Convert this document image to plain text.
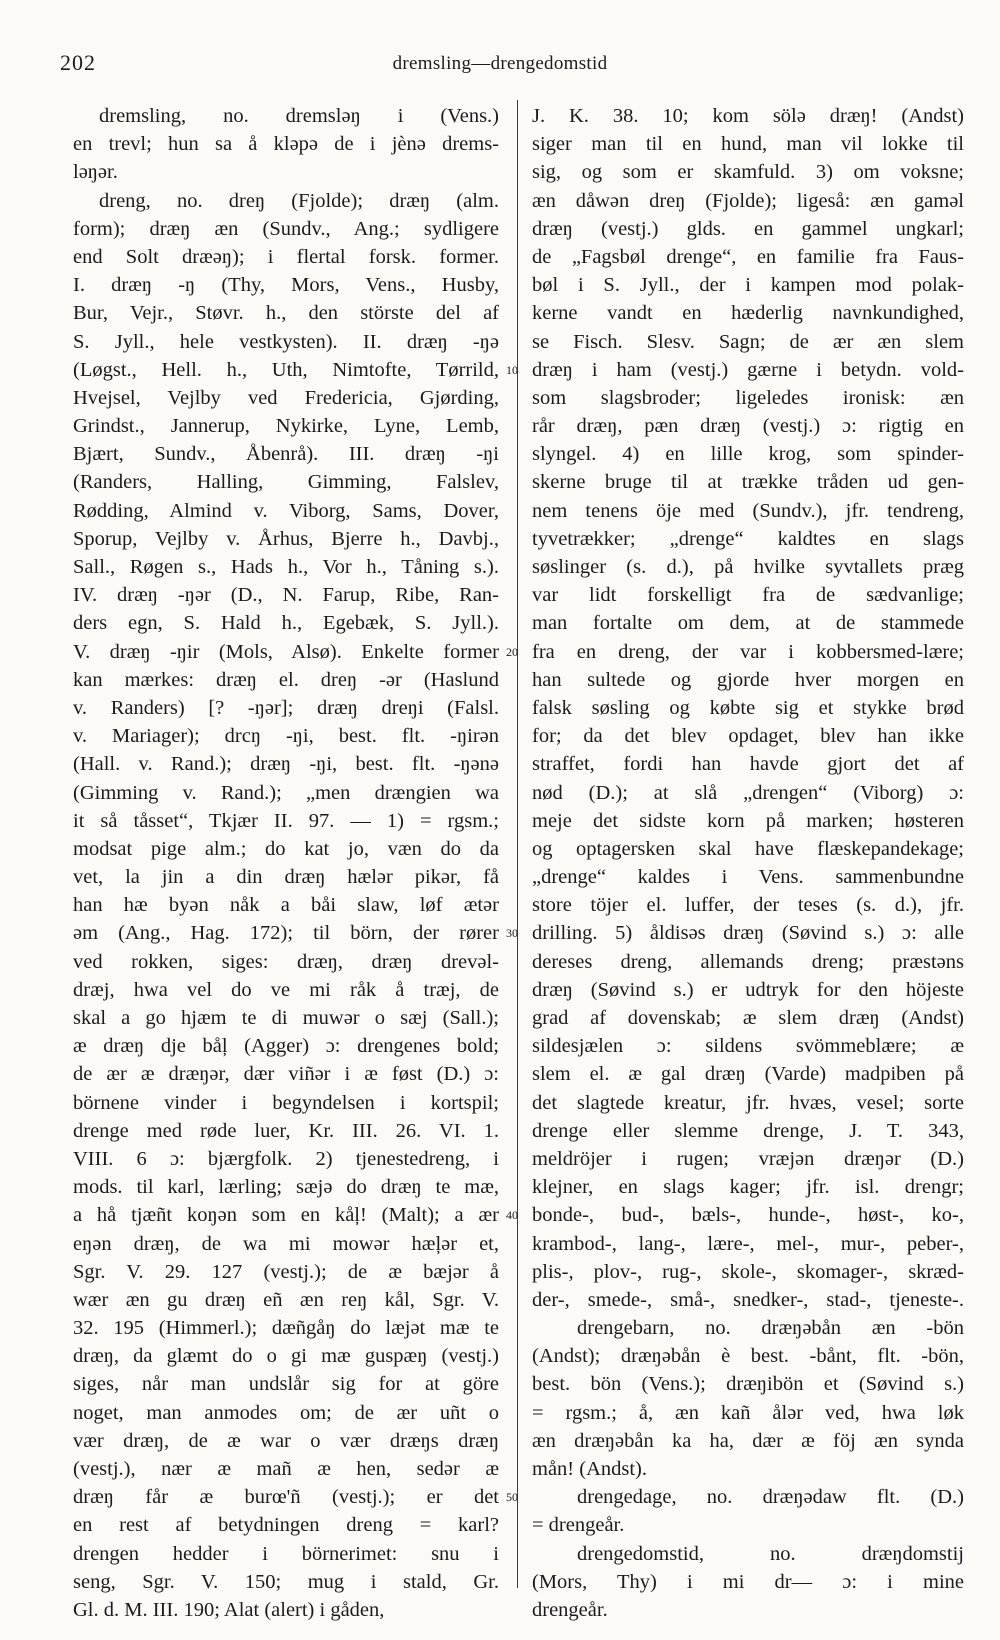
202	dremsling—drengedomstid
dremsling, no. dremsləŋ i (Vens.)
en trevl; hun sa å kləpə de i jènə drems-
ləŋər.
dreng, no. dreŋ (Fjolde); dræŋ (alm.
form); dræŋ æn (Sundv., Ang.; sydligere
end Solt dræəŋ); i flertal forsk. former.
I. dræŋ -ŋ (Thy, Mors, Vens., Husby,
Bur, Vejr., Støvr. h., den störste del af
S. Jyll., hele vestkysten). II. dræŋ -ŋə
(Løgst., Hell. h., Uth, Nimtofte, Tørrild,
Hvejsel, Vejlby ved Fredericia, Gjørding,
Grindst., Jannerup, Nykirke, Lyne, Lemb,
Bjært, Sundv., Åbenrå). III. dræŋ -ŋi
(Randers, Halling, Gimming, Falslev,
Rødding, Almind v. Viborg, Sams, Dover,
Sporup, Vejlby v. Århus, Bjerre h., Davbj.,
Sall., Røgen s., Hads h., Vor h., Tåning s.).
IV. dræŋ -ŋər (D., N. Farup, Ribe, Ran-
ders egn, S. Hald h., Egebæk, S. Jyll.).
V. dræŋ -ŋir (Mols, Alsø). Enkelte former
kan mærkes: dræŋ el. dreŋ -ər (Haslund
v. Randers) [? -ŋər]; dræŋ dreŋi (Falsl.
v. Mariager); drcŋ -ŋi, best. flt. -ŋirən
(Hall. v. Rand.); dræŋ -ŋi, best. flt. -ŋənə
(Gimming v. Rand.); „men drængien wa
it så tåsset“, Tkjær II. 97. — 1) = rgsm.;
modsat pige alm.; do kat jo, væn do da
vet, la jin a din dræŋ hælər pikər, få
han hæ byən nåk a båi slaw, løf ætər
əm (Ang., Hag. 172); til börn, der rører
ved rokken, siges: dræŋ, dræŋ drevəl-
dræj, hwa vel do ve mi råk å træj, de
skal a go hjæm te di muwər o sæj (Sall.);
æ dræŋ dje båļ (Agger) ɔ: drengenes bold;
de ær æ dræŋər, dær viñər i æ føst (D.) ɔ:
börnene vinder i begyndelsen i kortspil;
drenge med røde luer, Kr. III. 26. VI. 1.
VIII. 6 ɔ: bjærgfolk. 2) tjenestedreng, i
mods. til karl, lærling; sæjə do dræŋ te mæ,
a hå tjæñt koŋən som en kåļ! (Malt); a ær
eŋən dræŋ, de wa mi mowər hæļər et,
Sgr. V. 29. 127 (vestj.); de æ bæjər å
wær æn gu dræŋ eñ æn reŋ kål, Sgr. V.
32. 195 (Himmerl.); dæñgåŋ do læjət mæ te
dræŋ, da glæmt do o gi mæ guspæŋ (vestj.)
siges, når man undslår sig for at göre
noget, man anmodes om; de ær uñt o
vær dræŋ, de æ war o vær dræŋs dræŋ
(vestj.), nær æ mañ æ hen, sedər æ
dræŋ får æ burœ'ñ (vestj.); er det
en rest af betydningen dreng = karl?
drengen hedder i börnerimet: snu i
seng, Sgr. V. 150; mug i stald, Gr.
Gl. d. M. III. 190; Alat (alert) i gåden,
J. K. 38. 10; kom sölə dræŋ! (Andst)
siger man til en hund, man vil lokke til
sig, og som er skamfuld. 3) om voksne;
æn dåwən dreŋ (Fjolde); ligeså: æn gaməl
dræŋ (vestj.) glds. en gammel ungkarl;
de „Fagsbøl drenge“, en familie fra Faus-
bøl i S. Jyll., der i kampen mod polak-
kerne vandt en hæderlig navnkundighed,
se Fisch. Slesv. Sagn; de ær æn slem
dræŋ i ham (vestj.) gærne i betydn. vold-
10
som slagsbroder; ligeledes ironisk: æn
rår dræŋ, pæn dræŋ (vestj.) ɔ: rigtig en
slyngel. 4) en lille krog, som spinder-
skerne bruge til at trække tråden ud gen-
nem tenens öje med (Sundv.), jfr. tendreng,
tyvetrækker; „drenge“ kaldtes en slags
søslinger (s. d.), på hvilke syvtallets præg
var lidt forskelligt fra de sædvanlige;
man fortalte om dem, at de stammede
fra en dreng, der var i kobbersmed-lære;
20
han sultede og gjorde hver morgen en
falsk søsling og købte sig et stykke brød
for; da det blev opdaget, blev han ikke
straffet, fordi han havde gjort det af
nød (D.); at slå „drengen“ (Viborg) ɔ:
meje det sidste korn på marken; høsteren
og optagersken skal have flæskepandekage;
„drenge“ kaldes i Vens. sammenbundne
store töjer el. luffer, der teses (s. d.), jfr.
drilling. 5) åldisəs dræŋ (Søvind s.) ɔ: alle
30
dereses dreng, allemands dreng; præstəns
dræŋ (Søvind s.) er udtryk for den höjeste
grad af dovenskab; æ slem dræŋ (Andst)
sildesjælen ɔ: sildens svömmeblære; æ
slem el. æ gal dræŋ (Varde) madpiben på
det slagtede kreatur, jfr. hvæs, vesel; sorte
drenge eller slemme drenge, J. T. 343,
meldröjer i rugen; vræjən dræŋər (D.)
klejner, en slags kager; jfr. isl. drengr;
bonde-, bud-, bæls-, hunde-, høst-, ko-,
40
krambod-, lang-, lære-, mel-, mur-, peber-,
plis-, plov-, rug-, skole-, skomager-, skræd-
der-, smede-, små-, snedker-, stad-, tjeneste-.
drengebarn, no. dræŋəbån æn -bön
(Andst); dræŋəbån è best. -bånt, flt. -bön,
best. bön (Vens.); dræŋibön et (Søvind s.)
= rgsm.; å, æn kañ ålər ved, hwa løk
æn dræŋəbån ka ha, dær æ föj æn synda
mån! (Andst).
drengedage, no. dræŋədaw flt. (D.)
50
= drengeår.
drengedomstid, no. dræŋdomstij
(Mors, Thy) i mi dr— ɔ: i mine
drengeår.
